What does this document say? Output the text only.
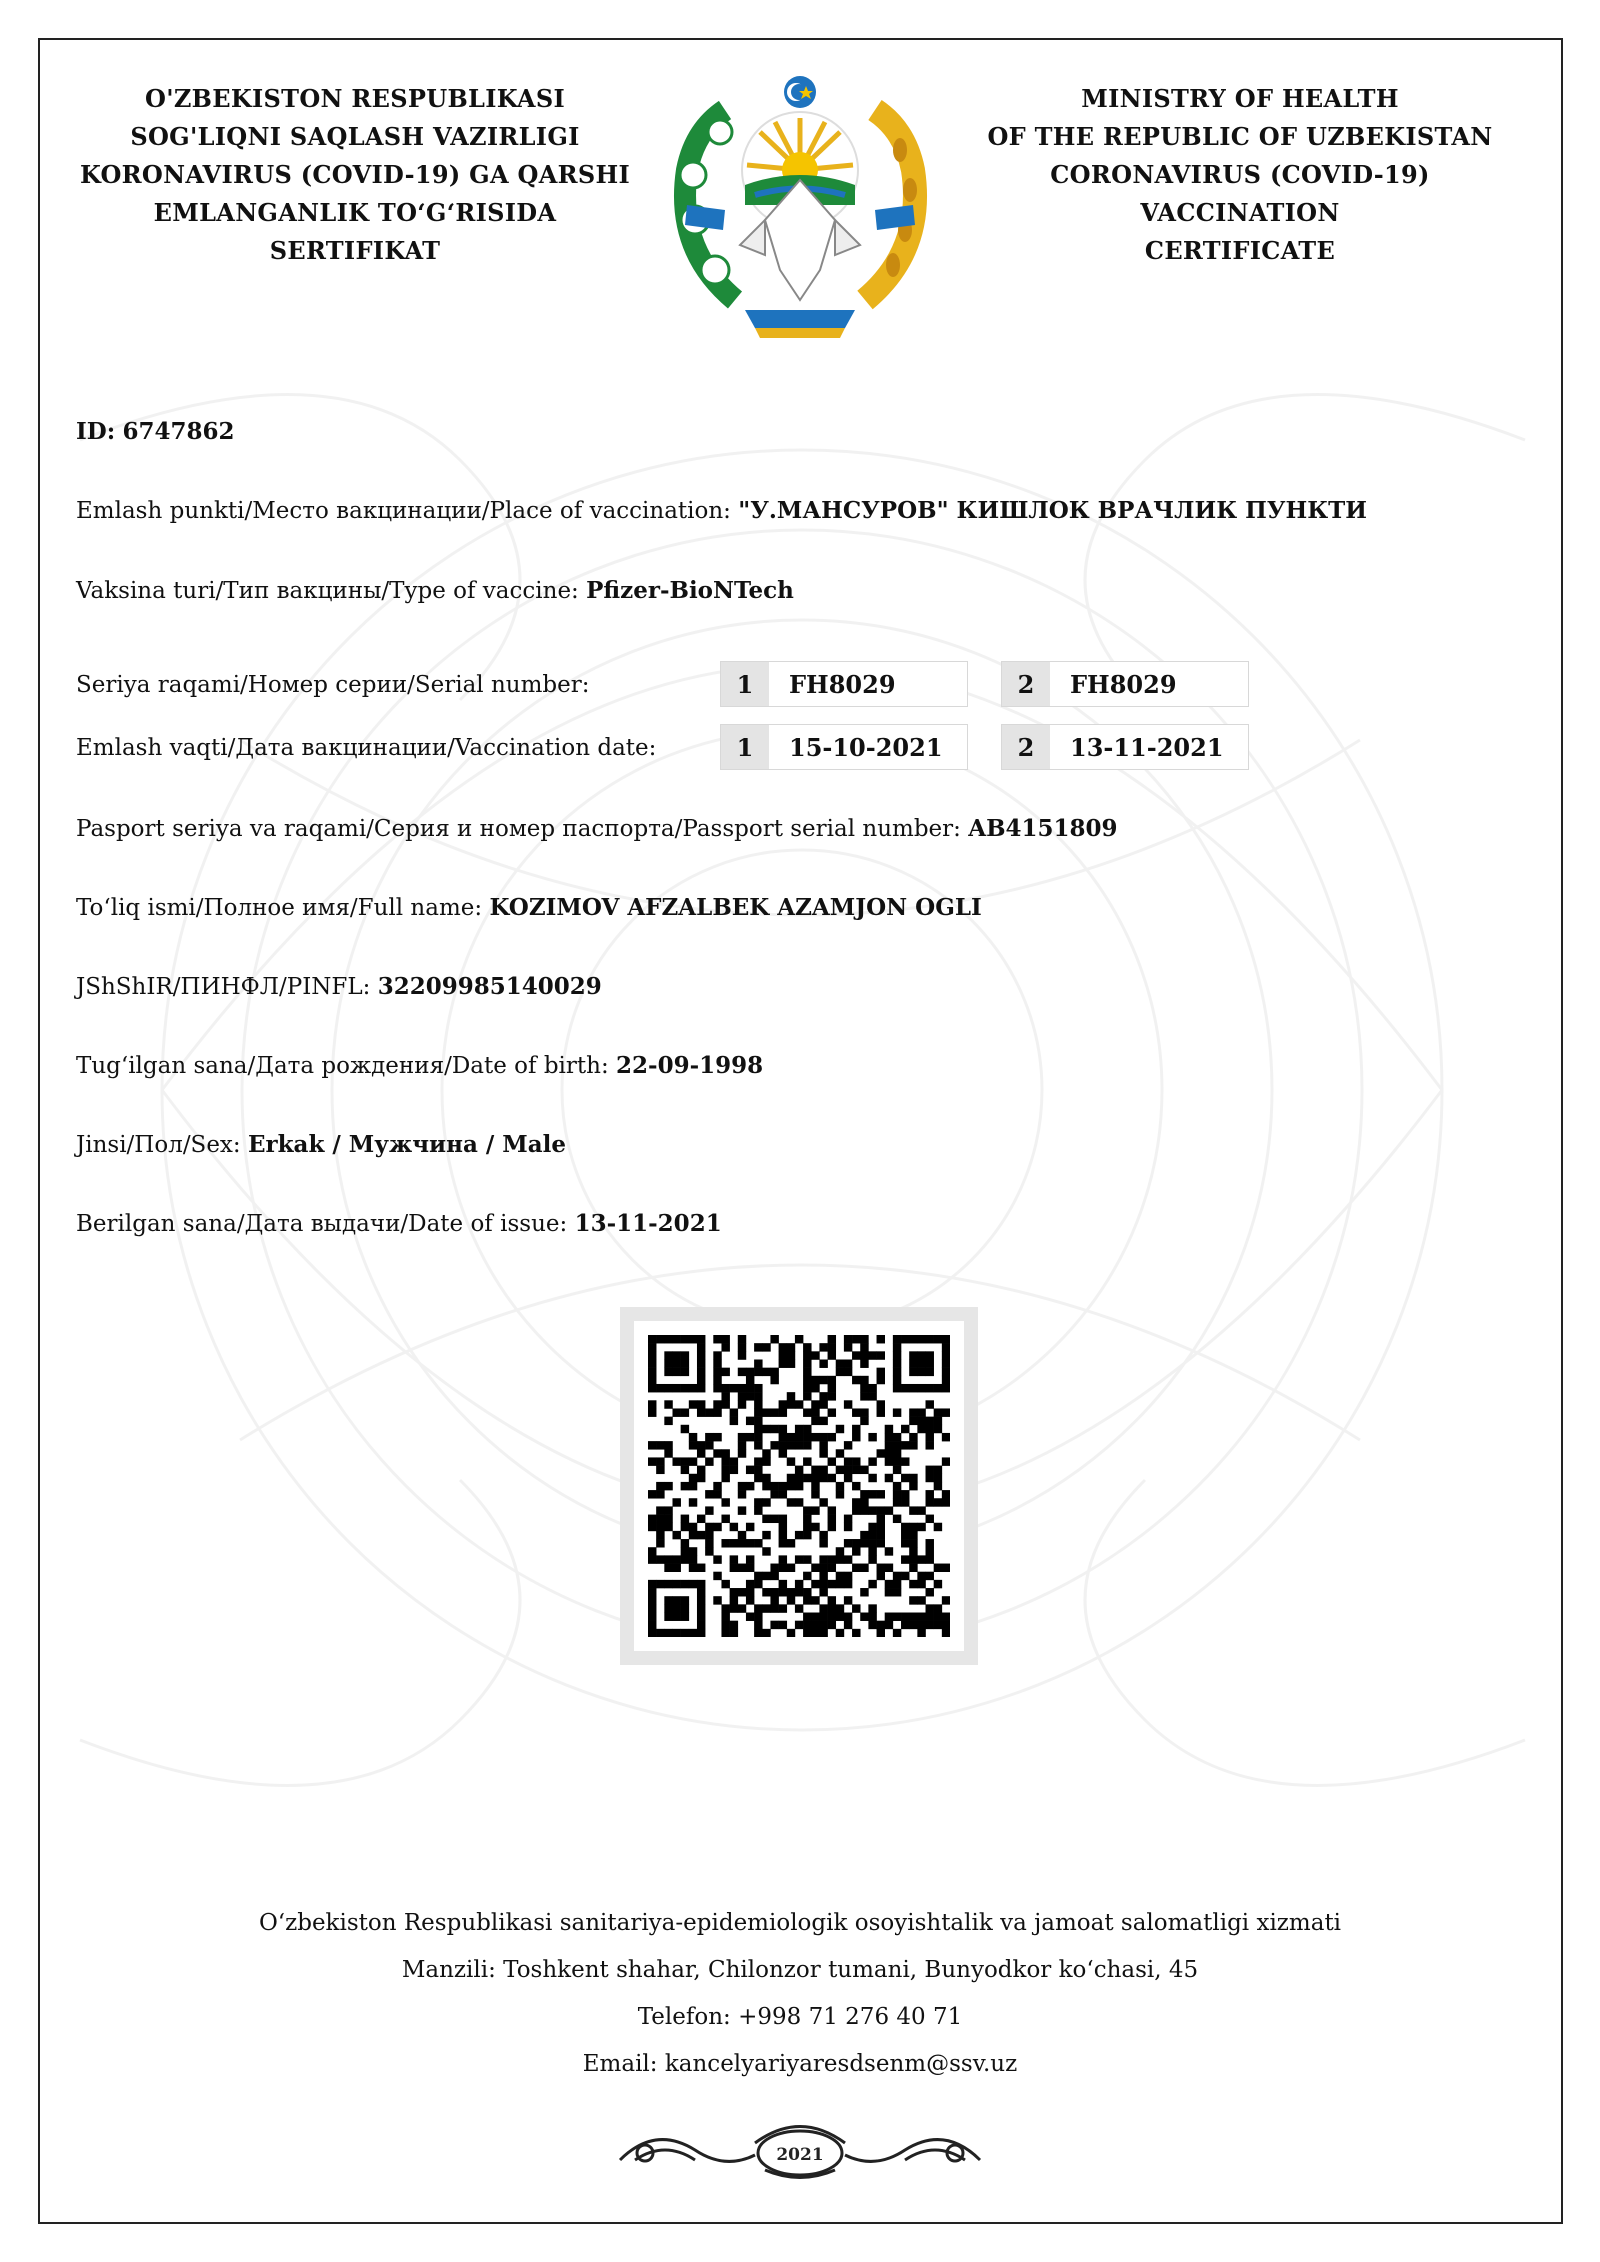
O'ZBEKISTON RESPUBLIKASI
SOG'LIQNI SAQLASH VAZIRLIGI
KORONAVIRUS (COVID-19) GA QARSHI
EMLANGANLIK TO‘G‘RISIDA
SERTIFIKAT
MINISTRY OF HEALTH
OF THE REPUBLIC OF UZBEKISTAN
CORONAVIRUS (COVID-19)
VACCINATION
CERTIFICATE
ID: 6747862
Emlash punkti/Место вакцинации/Place of vaccination: "У.МАНСУРОВ" КИШЛОК ВРАЧЛИК ПУНКТИ
Vaksina turi/Тип вакцины/Type of vaccine: Pfizer-BioNTech
Seriya raqami/Номер серии/Serial number:	1	FH8029	2	FH8029
Emlash vaqti/Дата вакцинации/Vaccination date:	1	15-10-2021	2	13-11-2021
Pasport seriya va raqami/Серия и номер паспорта/Passport serial number: AB4151809
To‘liq ismi/Полное имя/Full name: KOZIMOV AFZALBEK AZAMJON OGLI
JShShIR/ПИНФЛ/PINFL: 32209985140029
Tug‘ilgan sana/Дата рождения/Date of birth: 22-09-1998
Jinsi/Пол/Sex: Erkak / Мужчина / Male
Berilgan sana/Дата выдачи/Date of issue: 13-11-2021
O‘zbekiston Respublikasi sanitariya-epidemiologik osoyishtalik va jamoat salomatligi xizmati
Manzili: Toshkent shahar, Chilonzor tumani, Bunyodkor ko‘chasi, 45
Telefon: +998 71 276 40 71
Email: kancelyariyaresdsenm@ssv.uz
2021
